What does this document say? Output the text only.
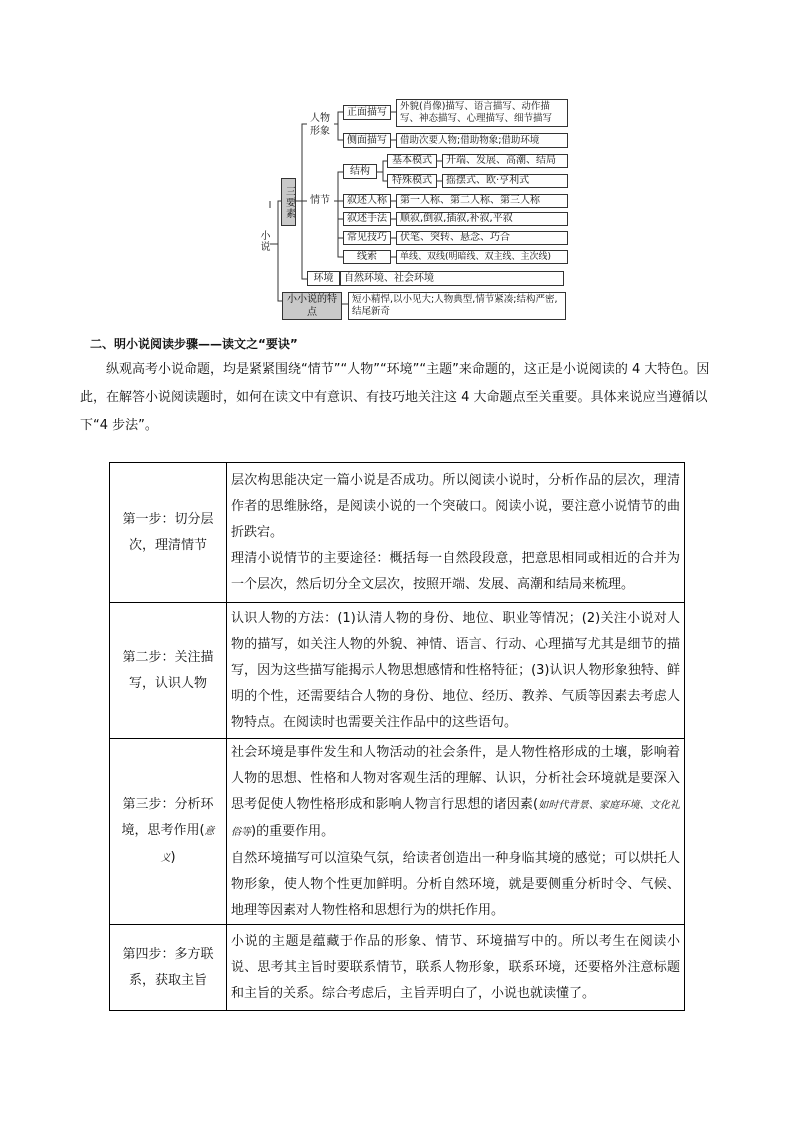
小说
三要素
人物形象
正面描写	外貌(肖像)描写、语言描写、动作描写、神态描写、心理描写、细节描写
侧面描写	借助次要人物;借助物象;借助环境
情节
结构
基本模式	开端、发展、高潮、结局
特殊模式	摇摆式、欧·亨利式
叙述人称	第一人称、第二人称、第三人称
叙述手法	顺叙,倒叙,插叙,补叙,平叙
常见技巧	伏笔、突转、悬念、巧合
线索	单线、双线(明暗线、双主线、主次线)
环境	自然环境、社会环境
小小说的特点
短小精悍,以小见大;人物典型,情节紧凑;结构严密,结尾新奇
二、明小说阅读步骤——读文之“要诀”
纵观高考小说命题，均是紧紧围绕“情节”“人物”“环境”“主题”来命题的，这正是小说阅读的 4 大特色。因此，在解答小说阅读题时，如何在读文中有意识、有技巧地关注这 4 大命题点至关重要。具体来说应当遵循以下“4 步法”。
第一步：切分层次，理清情节	层次构思能决定一篇小说是否成功。所以阅读小说时，分析作品的层次，理清作者的思维脉络，是阅读小说的一个突破口。阅读小说，要注意小说情节的曲折跌宕。
理清小说情节的主要途径：概括每一自然段段意，把意思相同或相近的合并为一个层次，然后切分全文层次，按照开端、发展、高潮和结局来梳理。

第二步：关注描写，认识人物	认识人物的方法：(1)认清人物的身份、地位、职业等情况；(2)关注小说对人物的描写，如关注人物的外貌、神情、语言、行动、心理描写尤其是细节的描写，因为这些描写能揭示人物思想感情和性格特征；(3)认识人物形象独特、鲜明的个性，还需要结合人物的身份、地位、经历、教养、气质等因素去考虑人物特点。在阅读时也需要关注作品中的这些语句。
第三步：分析环境，思考作用(意义)	社会环境是事件发生和人物活动的社会条件，是人物性格形成的土壤，影响着人物的思想、性格和人物对客观生活的理解、认识，分析社会环境就是要深入思考促使人物性格形成和影响人物言行思想的诸因素(如时代背景、家庭环境、文化礼俗等)的重要作用。
自然环境描写可以渲染气氛，给读者创造出一种身临其境的感觉；可以烘托人物形象，使人物个性更加鲜明。分析自然环境，就是要侧重分析时令、气候、地理等因素对人物性格和思想行为的烘托作用。

第四步：多方联系，获取主旨	小说的主题是蕴藏于作品的形象、情节、环境描写中的。所以考生在阅读小说、思考其主旨时要联系情节，联系人物形象，联系环境，还要格外注意标题和主旨的关系。综合考虑后，主旨弄明白了，小说也就读懂了。
